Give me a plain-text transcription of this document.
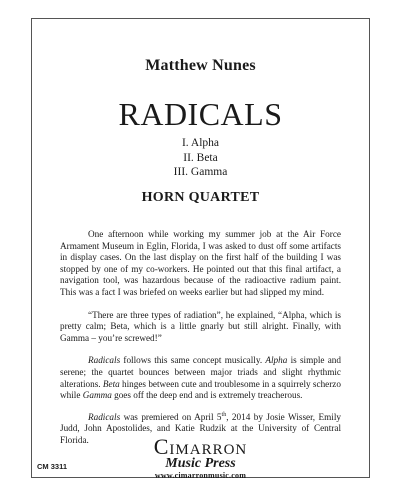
Matthew Nunes
RADICALS
I. Alpha
II. Beta
III. Gamma
HORN QUARTET

One afternoon while working my summer job at the Air Force Armament Museum in Eglin, Florida, I was asked to dust off some artifacts in display cases. On the last display on the first half of the building I was stopped by one of my co-workers. He pointed out that this final artifact, a navigation tool, was hazardous because of the radioactive radium paint. This was a fact I was briefed on weeks earlier but had slipped my mind.

“There are three types of radiation”, he explained, “Alpha, which is pretty calm; Beta, which is a little gnarly but still alright. Finally, with Gamma – you’re screwed!”

Radicals follows this same concept musically. Alpha is simple and serene; the quartet bounces between major triads and slight rhythmic alterations. Beta hinges between cute and troublesome in a squirrely scherzo while Gamma goes off the deep end and is extremely treacherous.

Radicals was premiered on April 5th, 2014 by Josie Wisser, Emily Judd, John Apostolides, and Katie Rudzik at the University of Central Florida.	Cimarron
Music Press
www.cimarronmusic.com
CM 3311
